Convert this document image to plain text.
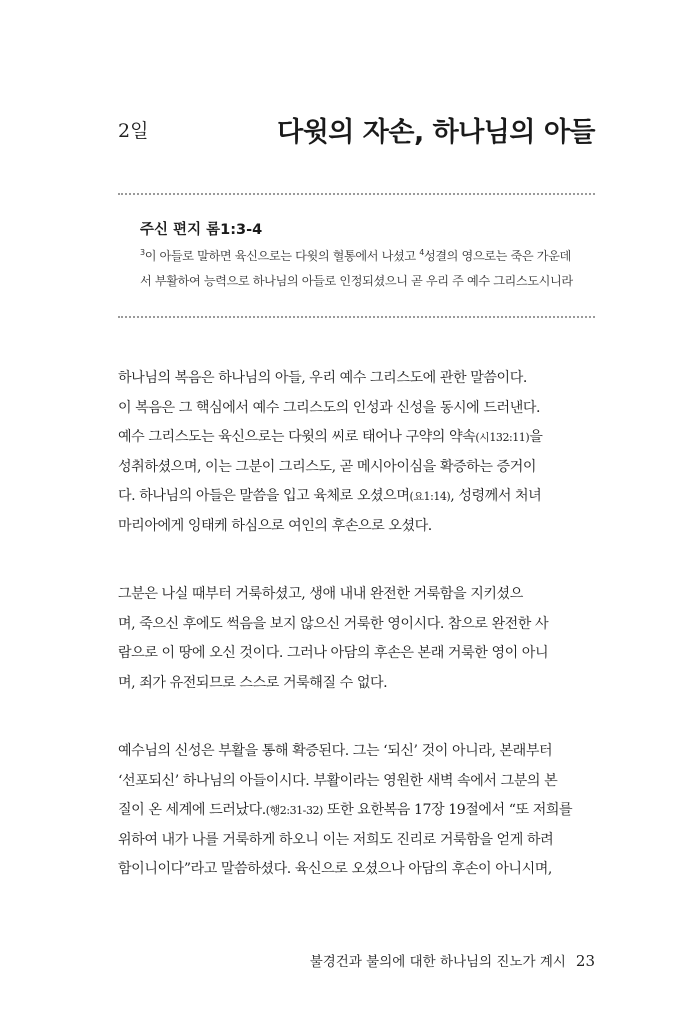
2일	다윗의 자손, 하나님의 아들
주신 편지 롬1:3-4
$^3$이 아들로 말하면 육신으로는 다윗의 혈통에서 나셨고 $^4$성결의 영으로는 죽은 가운데
서 부활하여 능력으로 하나님의 아들로 인정되셨으니 곧 우리 주 예수 그리스도시니라
하나님의 복음은 하나님의 아들, 우리 예수 그리스도에 관한 말씀이다.
이 복음은 그 핵심에서 예수 그리스도의 인성과 신성을 동시에 드러낸다.
예수 그리스도는 육신으로는 다윗의 씨로 태어나 구약의 약속(시132:11)을
성취하셨으며, 이는 그분이 그리스도, 곧 메시아이심을 확증하는 증거이
다. 하나님의 아들은 말씀을 입고 육체로 오셨으며(요1:14), 성령께서 처녀
마리아에게 잉태케 하심으로 여인의 후손으로 오셨다.
그분은 나실 때부터 거룩하셨고, 생애 내내 완전한 거룩함을 지키셨으
며, 죽으신 후에도 썩음을 보지 않으신 거룩한 영이시다. 참으로 완전한 사
람으로 이 땅에 오신 것이다. 그러나 아담의 후손은 본래 거룩한 영이 아니
며, 죄가 유전되므로 스스로 거룩해질 수 없다.
예수님의 신성은 부활을 통해 확증된다. 그는 ‘되신’ 것이 아니라, 본래부터
‘선포되신’ 하나님의 아들이시다. 부활이라는 영원한 새벽 속에서 그분의 본
질이 온 세계에 드러났다.(행2:31-32) 또한 요한복음 17장 19절에서 “또 저희를
위하여 내가 나를 거룩하게 하오니 이는 저희도 진리로 거룩함을 얻게 하려
함이니이다”라고 말씀하셨다. 육신으로 오셨으나 아담의 후손이 아니시며,
불경건과 불의에 대한 하나님의 진노가 계시 23
